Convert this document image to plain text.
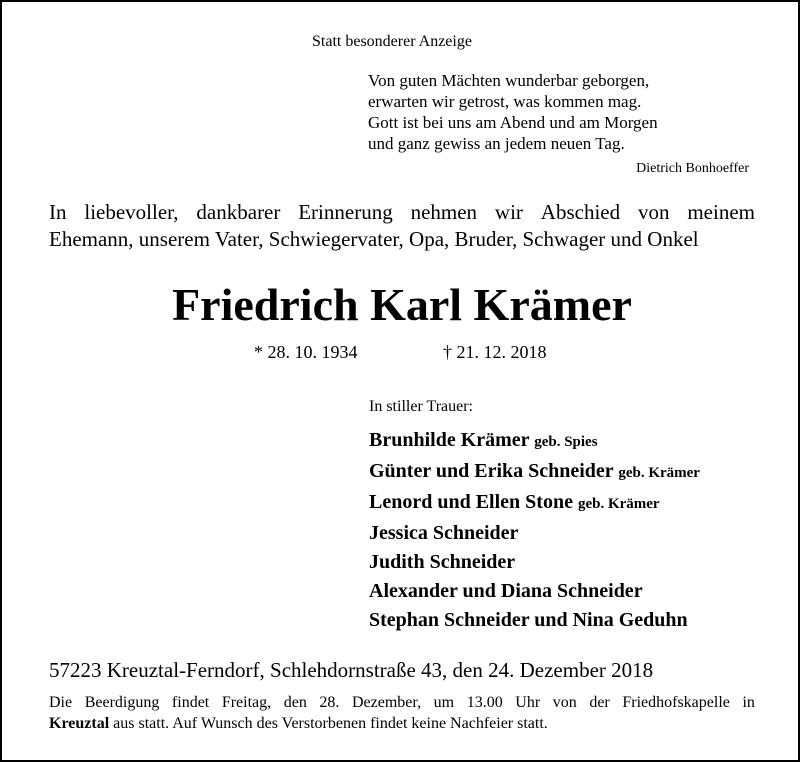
Statt besonderer Anzeige
Von guten Mächten wunderbar geborgen,
erwarten wir getrost, was kommen mag.
Gott ist bei uns am Abend und am Morgen
und ganz gewiss an jedem neuen Tag.
Dietrich Bonhoeffer
In liebevoller, dankbarer Erinnerung nehmen wir Abschied von meinem
Ehemann, unserem Vater, Schwiegervater, Opa, Bruder, Schwager und Onkel
Friedrich Karl Krämer
* 28. 10. 1934	† 21. 12. 2018
In stiller Trauer:
Brunhilde Krämer geb. Spies
Günter und Erika Schneider geb. Krämer
Lenord und Ellen Stone geb. Krämer
Jessica Schneider
Judith Schneider
Alexander und Diana Schneider
Stephan Schneider und Nina Geduhn
57223 Kreuztal-Ferndorf, Schlehdornstraße 43, den 24. Dezember 2018
Die Beerdigung findet Freitag, den 28. Dezember, um 13.00 Uhr von der Friedhofskapelle in
Kreuztal aus statt. Auf Wunsch des Verstorbenen findet keine Nachfeier statt.
